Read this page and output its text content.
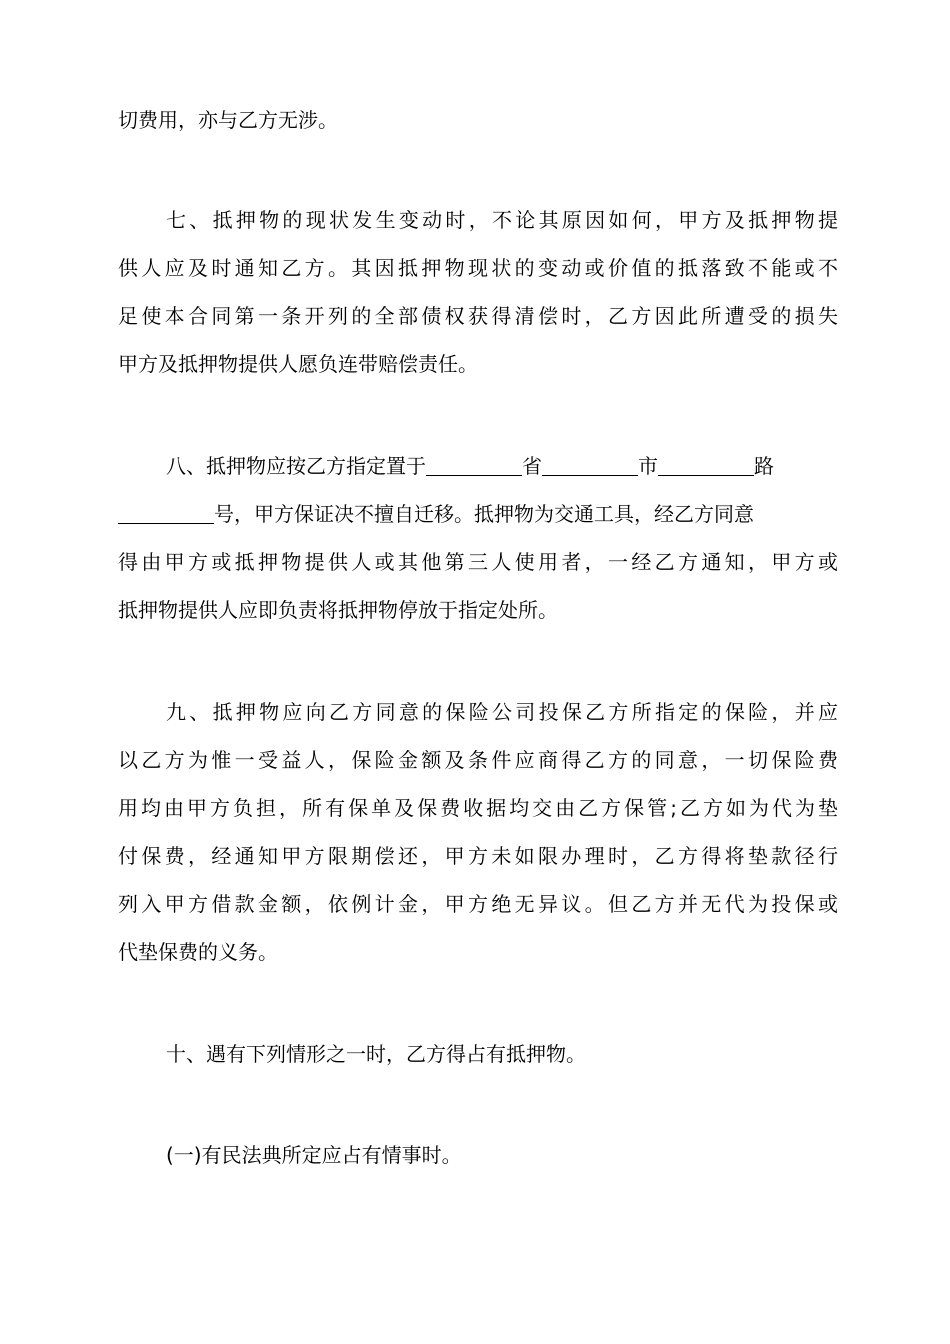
切费用，亦与乙方无涉。
七、抵押物的现状发生变动时，不论其原因如何，甲方及抵押物提
供人应及时通知乙方。其因抵押物现状的变动或价值的抵落致不能或不
足使本合同第一条开列的全部债权获得清偿时，乙方因此所遭受的损失
甲方及抵押物提供人愿负连带赔偿责任。
八、抵押物应按乙方指定置于	省	市	路
号，甲方保证决不擅自迁移。抵押物为交通工具，经乙方同意
得由甲方或抵押物提供人或其他第三人使用者，一经乙方通知，甲方或
抵押物提供人应即负责将抵押物停放于指定处所。
九、抵押物应向乙方同意的保险公司投保乙方所指定的保险，并应
以乙方为惟一受益人，保险金额及条件应商得乙方的同意，一切保险费
用均由甲方负担，所有保单及保费收据均交由乙方保管;乙方如为代为垫
付保费，经通知甲方限期偿还，甲方未如限办理时，乙方得将垫款径行
列入甲方借款金额，依例计金，甲方绝无异议。但乙方并无代为投保或
代垫保费的义务。
十、遇有下列情形之一时，乙方得占有抵押物。
(一)有民法典所定应占有情事时。
